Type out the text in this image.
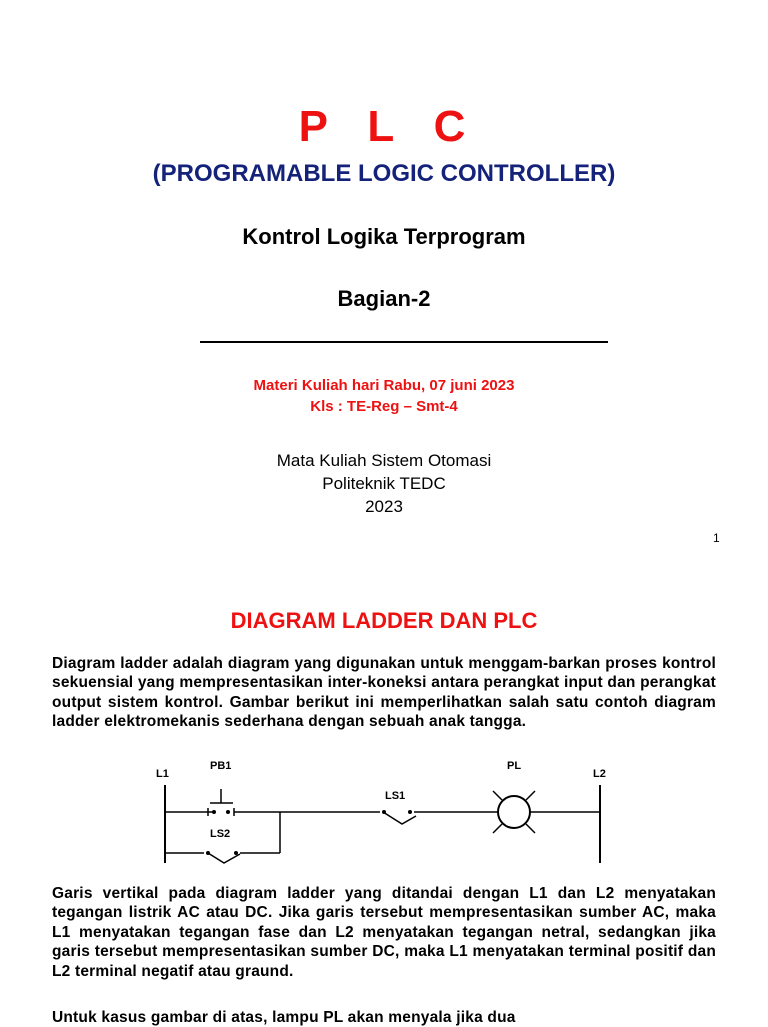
P L C
(PROGRAMABLE LOGIC CONTROLLER)
Kontrol Logika Terprogram
Bagian-2
Materi Kuliah hari Rabu, 07 juni 2023
Kls : TE-Reg – Smt-4
Mata Kuliah Sistem Otomasi
Politeknik TEDC
2023
1
DIAGRAM LADDER DAN PLC
Diagram ladder adalah diagram yang digunakan untuk menggam-barkan proses kontrol sekuensial yang mempresentasikan inter-koneksi antara perangkat input dan perangkat output sistem kontrol. Gambar berikut ini memperlihatkan salah satu contoh diagram ladder elektromekanis sederhana dengan sebuah anak tangga.
L1
PB1
LS1
LS2
PL
L2
Garis vertikal pada diagram ladder yang ditandai dengan L1 dan L2 menyatakan tegangan listrik AC atau DC. Jika garis tersebut mempresentasikan sumber AC, maka L1 menyatakan tegangan fase dan L2 menyatakan tegangan netral, sedangkan jika garis tersebut mempresentasikan sumber DC, maka L1 menyatakan terminal positif dan L2 terminal negatif atau graund.
Untuk kasus gambar di atas, lampu PL akan menyala jika dua
